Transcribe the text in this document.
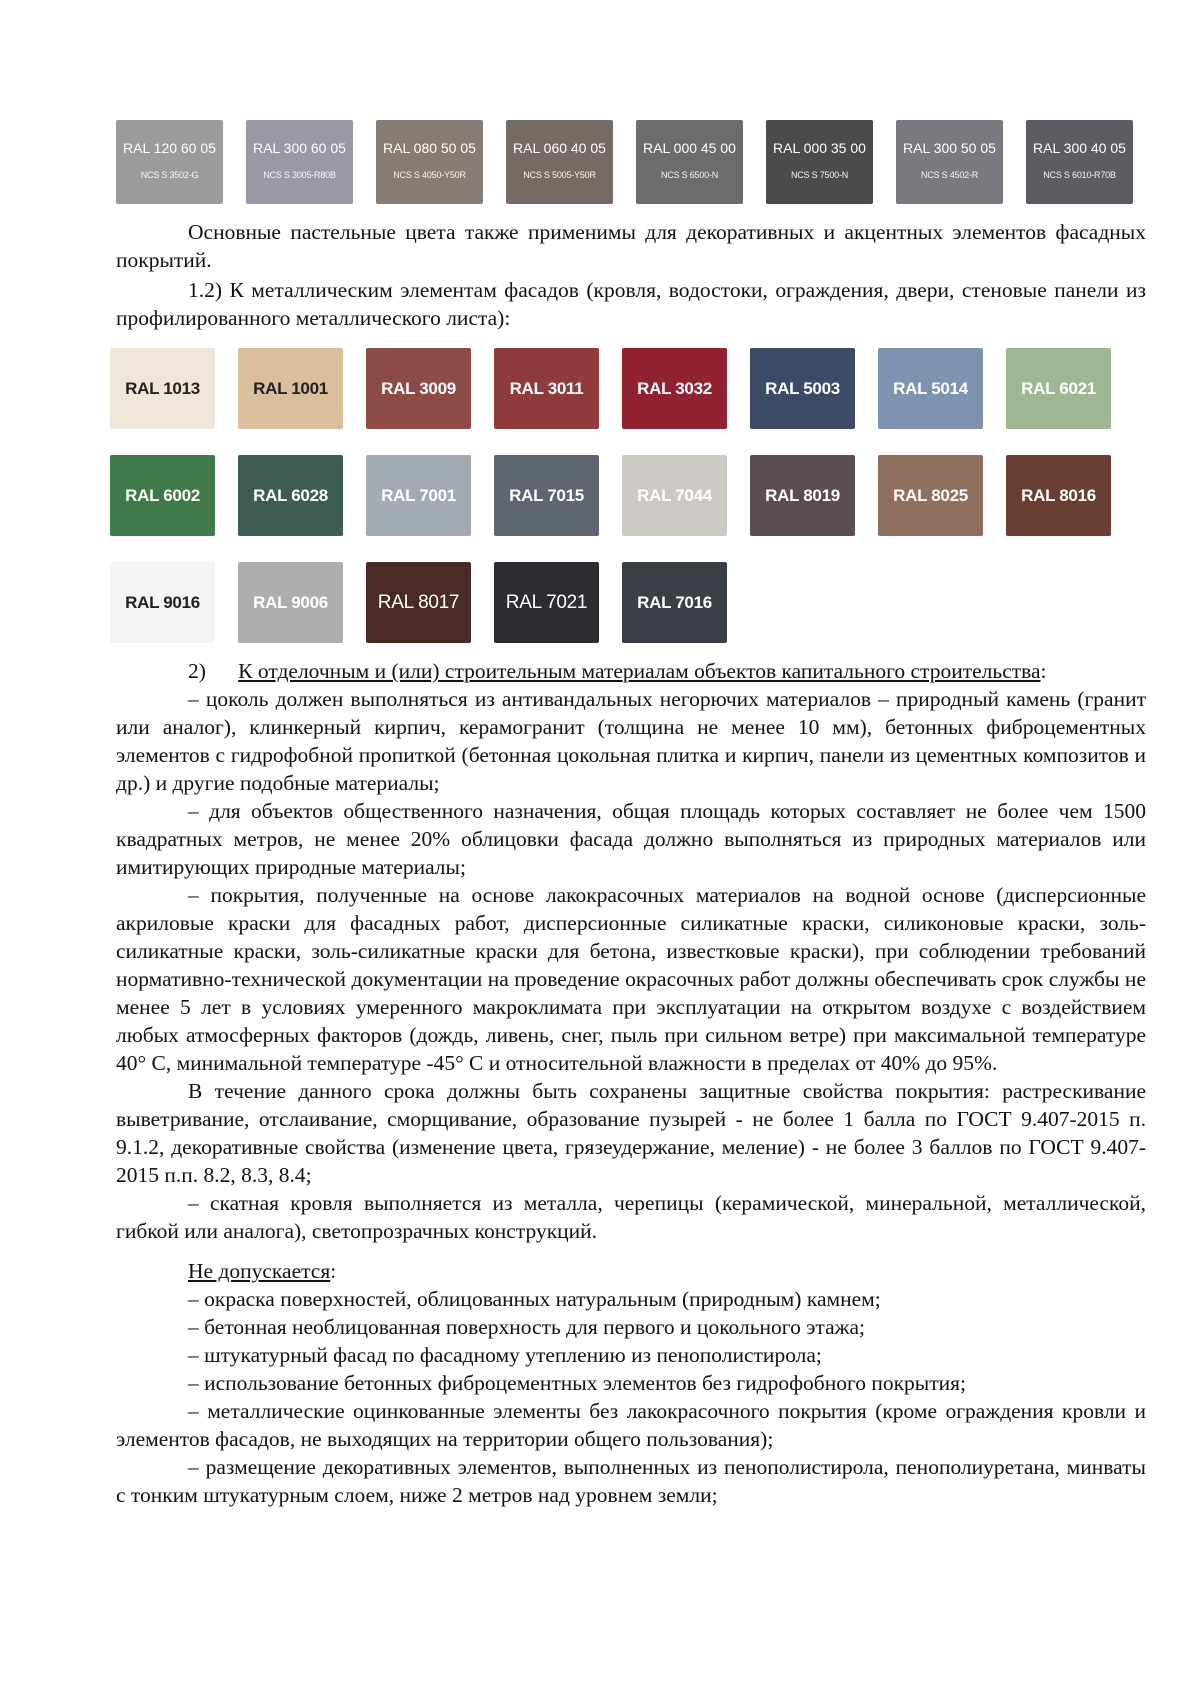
RAL 120 60 05
NCS S 3502-G
RAL 300 60 05
NCS S 3005-R80B
RAL 080 50 05
NCS S 4050-Y50R
RAL 060 40 05
NCS S 5005-Y50R
RAL 000 45 00
NCS S 6500-N
RAL 000 35 00
NCS S 7500-N
RAL 300 50 05
NCS S 4502-R
RAL 300 40 05
NCS S 6010-R70B

Основные пастельные цвета также применимы для декоративных и акцентных элементов фасадных покрытий.

1.2) К металлическим элементам фасадов (кровля, водостоки, ограждения, двери, стеновые панели из профилированного металлического листа):

RAL 1013	RAL 1001	RAL 3009	RAL 3011	RAL 3032	RAL 5003	RAL 5014	RAL 6021
RAL 6002	RAL 6028	RAL 7001	RAL 7015	RAL 7044	RAL 8019	RAL 8025	RAL 8016
RAL 9016	RAL 9006	RAL 8017 RAL 7021	RAL 7016

2) К отделочным и (или) строительным материалам объектов капитального строительства:

– цоколь должен выполняться из антивандальных негорючих материалов – природный камень (гранит или аналог), клинкерный кирпич, керамогранит (толщина не менее 10 мм), бетонных фиброцементных элементов с гидрофобной пропиткой (бетонная цокольная плитка и кирпич, панели из цементных композитов и др.) и другие подобные материалы;

– для объектов общественного назначения, общая площадь которых составляет не более чем 1500 квадратных метров, не менее 20% облицовки фасада должно выполняться из природных материалов или имитирующих природные материалы;

– покрытия, полученные на основе лакокрасочных материалов на водной основе (дисперсионные акриловые краски для фасадных работ, дисперсионные силикатные краски, силиконовые краски, золь-силикатные краски, золь-силикатные краски для бетона, известковые краски), при соблюдении требований нормативно-технической документации на проведение окрасочных работ должны обеспечивать срок службы не менее 5 лет в условиях умеренного макроклимата при эксплуатации на открытом воздухе с воздействием любых атмосферных факторов (дождь, ливень, снег, пыль при сильном ветре) при максимальной температуре 40° С, минимальной температуре -45° С и относительной влажности в пределах от 40% до 95%.

В течение данного срока должны быть сохранены защитные свойства покрытия: растрескивание выветривание, отслаивание, сморщивание, образование пузырей - не более 1 балла по ГОСТ 9.407-2015 п. 9.1.2, декоративные свойства (изменение цвета, грязеудержание, меление) - не более 3 баллов по ГОСТ 9.407-2015 п.п. 8.2, 8.3, 8.4;

– скатная кровля выполняется из металла, черепицы (керамической, минеральной, металлической, гибкой или аналога), светопрозрачных конструкций.

Не допускается:

– окраска поверхностей, облицованных натуральным (природным) камнем;

– бетонная необлицованная поверхность для первого и цокольного этажа;

– штукатурный фасад по фасадному утеплению из пенополистирола;

– использование бетонных фиброцементных элементов без гидрофобного покрытия;

– металлические оцинкованные элементы без лакокрасочного покрытия (кроме ограждения кровли и элементов фасадов, не выходящих на территории общего пользования);

– размещение декоративных элементов, выполненных из пенополистирола, пенополиуретана, минваты с тонким штукатурным слоем, ниже 2 метров над уровнем земли;
